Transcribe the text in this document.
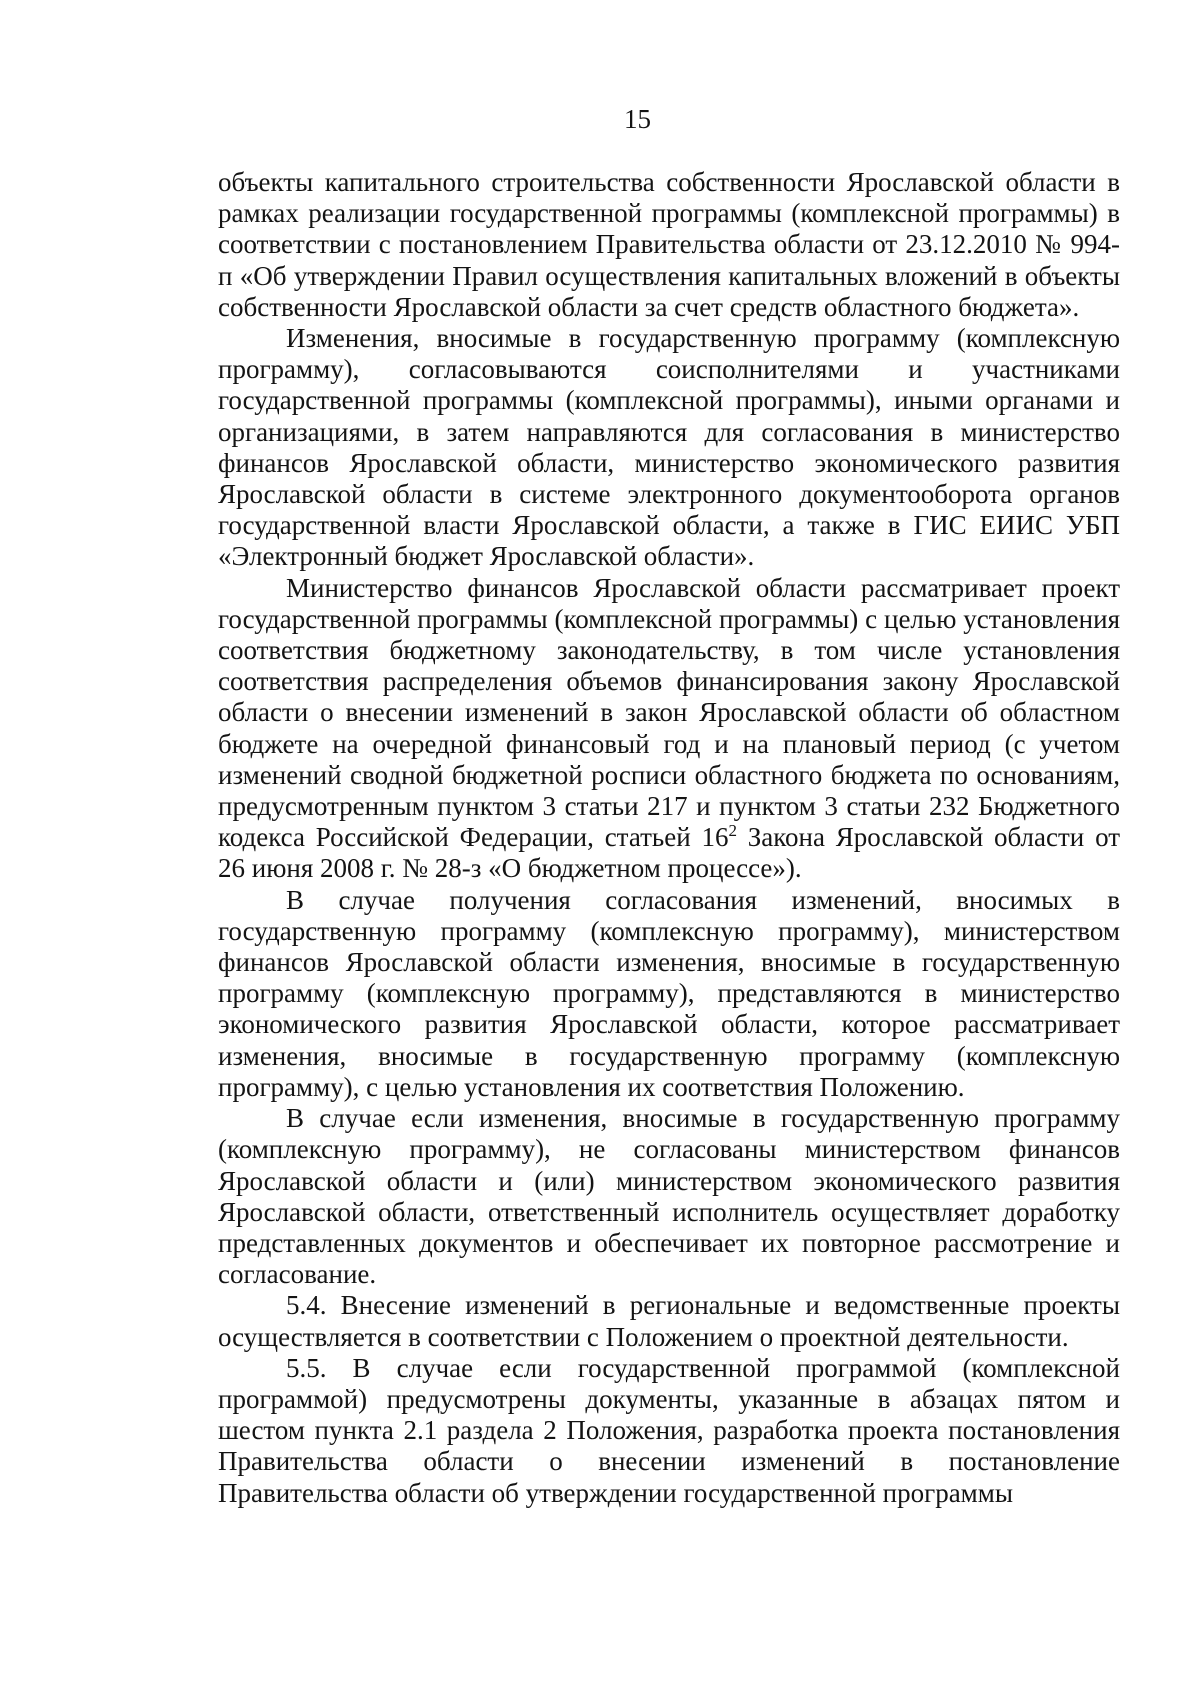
15

объекты капитального строительства собственности Ярославской области в рамках реализации государственной программы (комплексной программы) в соответствии с постановлением Правительства области от 23.12.2010 № 994-п «Об утверждении Правил осуществления капитальных вложений в объекты собственности Ярославской области за счет средств областного бюджета».

Изменения, вносимые в государственную программу (комплексную программу), согласовываются соисполнителями и участниками государственной программы (комплексной программы), иными органами и организациями, в затем направляются для согласования в министерство финансов Ярославской области, министерство экономического развития Ярославской области в системе электронного документооборота органов государственной власти Ярославской области, а также в ГИС ЕИИС УБП «Электронный бюджет Ярославской области».

Министерство финансов Ярославской области рассматривает проект государственной программы (комплексной программы) с целью установления соответствия бюджетному законодательству, в том числе установления соответствия распределения объемов финансирования закону Ярославской области о внесении изменений в закон Ярославской области об областном бюджете на очередной финансовый год и на плановый период (с учетом изменений сводной бюджетной росписи областного бюджета по основаниям, предусмотренным пунктом 3 статьи 217 и пунктом 3 статьи 232 Бюджетного кодекса Российской Федерации, статьей $16^2$ Закона Ярославской области от 26 июня 2008 г. № 28-з «О бюджетном процессе»).

В случае получения согласования изменений, вносимых в государственную программу (комплексную программу), министерством финансов Ярославской области изменения, вносимые в государственную программу (комплексную программу), представляются в министерство экономического развития Ярославской области, которое рассматривает изменения, вносимые в государственную программу (комплексную программу), с целью установления их соответствия Положению.

В случае если изменения, вносимые в государственную программу (комплексную программу), не согласованы министерством финансов Ярославской области и (или) министерством экономического развития Ярославской области, ответственный исполнитель осуществляет доработку представленных документов и обеспечивает их повторное рассмотрение и согласование.

5.4. Внесение изменений в региональные и ведомственные проекты осуществляется в соответствии с Положением о проектной деятельности.

5.5. В случае если государственной программой (комплексной программой) предусмотрены документы, указанные в абзацах пятом и шестом пункта 2.1 раздела 2 Положения, разработка проекта постановления Правительства области о внесении изменений в постановление Правительства области об утверждении государственной программы
